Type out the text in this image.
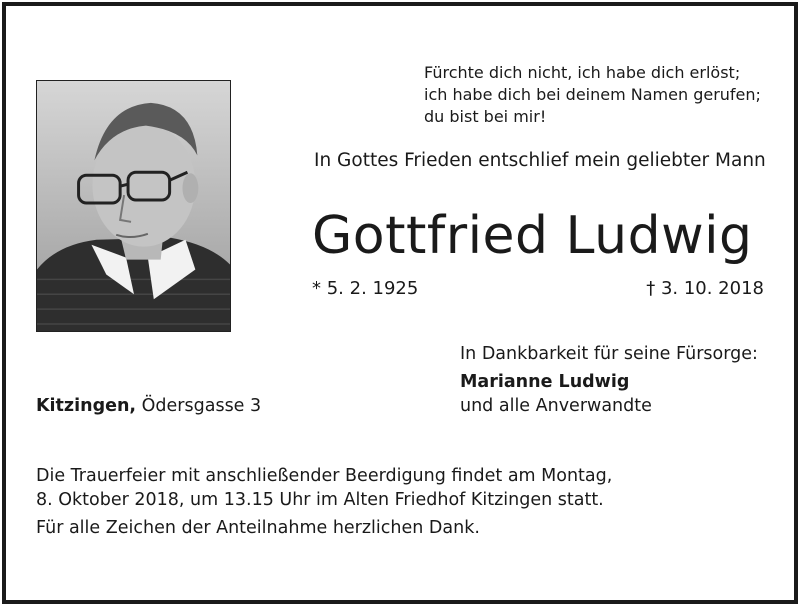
Fürchte dich nicht, ich habe dich erlöst;
ich habe dich bei deinem Namen gerufen;
du bist bei mir!
In Gottes Frieden entschlief mein geliebter Mann
Gottfried Ludwig
* 5. 2. 1925	† 3. 10. 2018
In Dankbarkeit für seine Fürsorge:
Marianne Ludwig
und alle Anverwandte
Kitzingen, Ödersgasse 3
Die Trauerfeier mit anschließender Beerdigung findet am Montag,
8. Oktober 2018, um 13.15 Uhr im Alten Friedhof Kitzingen statt.
Für alle Zeichen der Anteilnahme herzlichen Dank.
